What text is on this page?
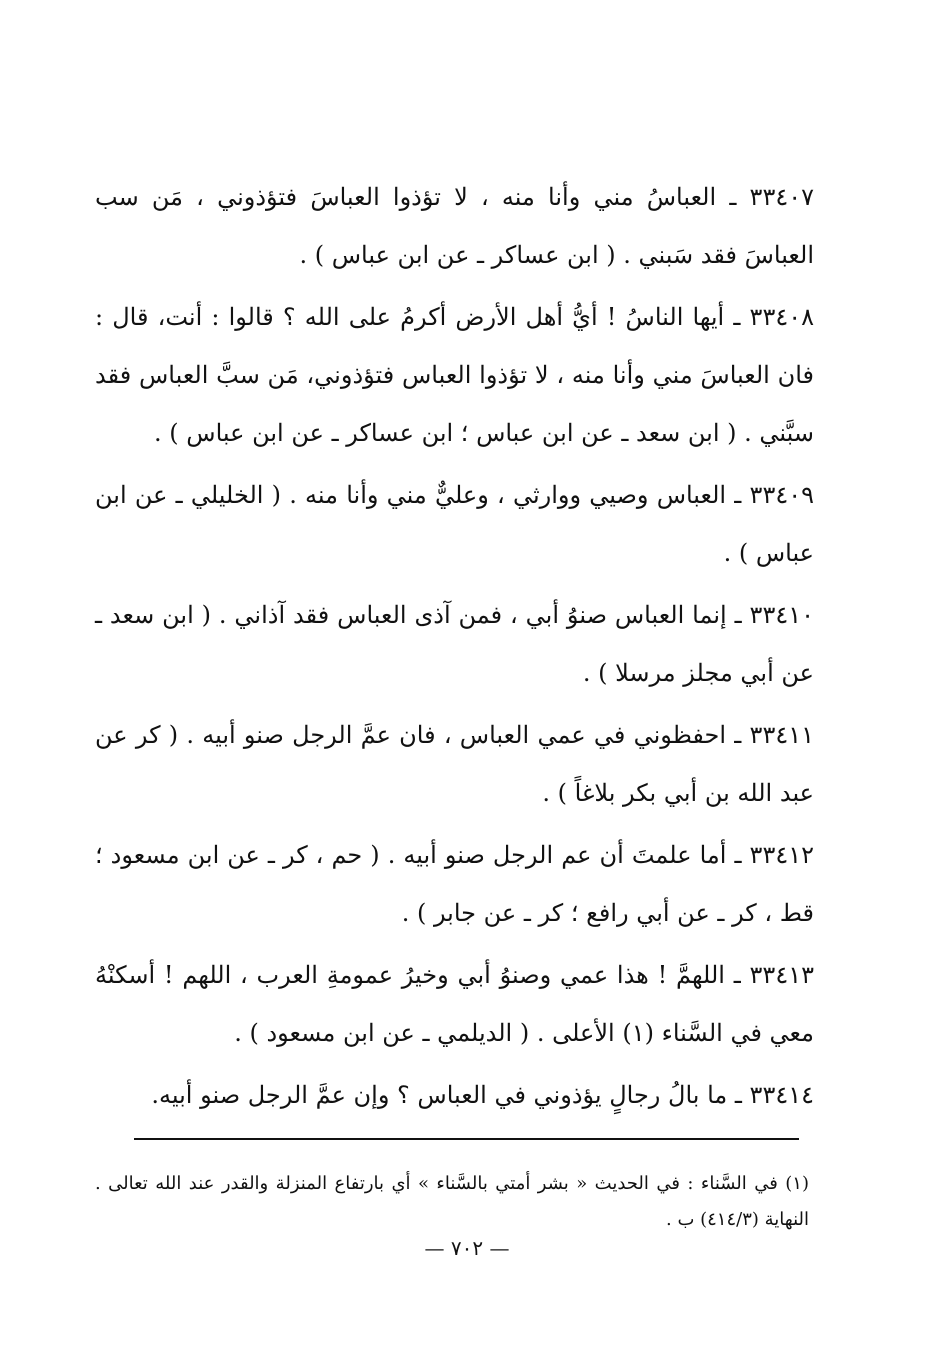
٣٣٤٠٧ ـ العباسُ مني وأنا منه ، لا تؤذوا العباسَ فتؤذوني ، مَن سب العباسَ فقد سَبني . ( ابن عساكر ـ عن ابن عباس ) .

٣٣٤٠٨ ـ أيها الناسُ ! أيُّ أهل الأرض أكرمُ على الله ؟ قالوا : أنت، قال : فان العباسَ مني وأنا منه ، لا تؤذوا العباس فتؤذوني، مَن سبَّ العباس فقد سبَّني . ( ابن سعد ـ عن ابن عباس ؛ ابن عساكر ـ عن ابن عباس ) .

٣٣٤٠٩ ـ العباس وصيي ووارثي ، وعليٌّ مني وأنا منه . ( الخليلي ـ عن ابن عباس ) .

٣٣٤١٠ ـ إنما العباس صنوُ أبي ، فمن آذى العباس فقد آذاني . ( ابن سعد ـ عن أبي مجلز مرسلا ) .

٣٣٤١١ ـ احفظوني في عمي العباس ، فان عمَّ الرجل صنو أبيه . ( كر عن عبد الله بن أبي بكر بلاغاً ) .

٣٣٤١٢ ـ أما علمتَ أن عم الرجل صنو أبيه . ( حم ، كر ـ عن ابن مسعود ؛ قط ، كر ـ عن أبي رافع ؛ كر ـ عن جابر ) .

٣٣٤١٣ ـ اللهمَّ ! هذا عمي وصنوُ أبي وخيرُ عمومةِ العرب ، اللهم ! أسكنْهُ معي في السَّناء (١) الأعلى . ( الديلمي ـ عن ابن مسعود ) .

٣٣٤١٤ ـ ما بالُ رجالٍ يؤذوني في العباس ؟ وإن عمَّ الرجل صنو أبيه.

(١) في السَّناء : في الحديث « بشر أمتي بالسَّناء » أي بارتفاع المنزلة والقدر عند الله تعالى . النهاية (٤١٤/٣) ب .

— ٧٠٢ —
